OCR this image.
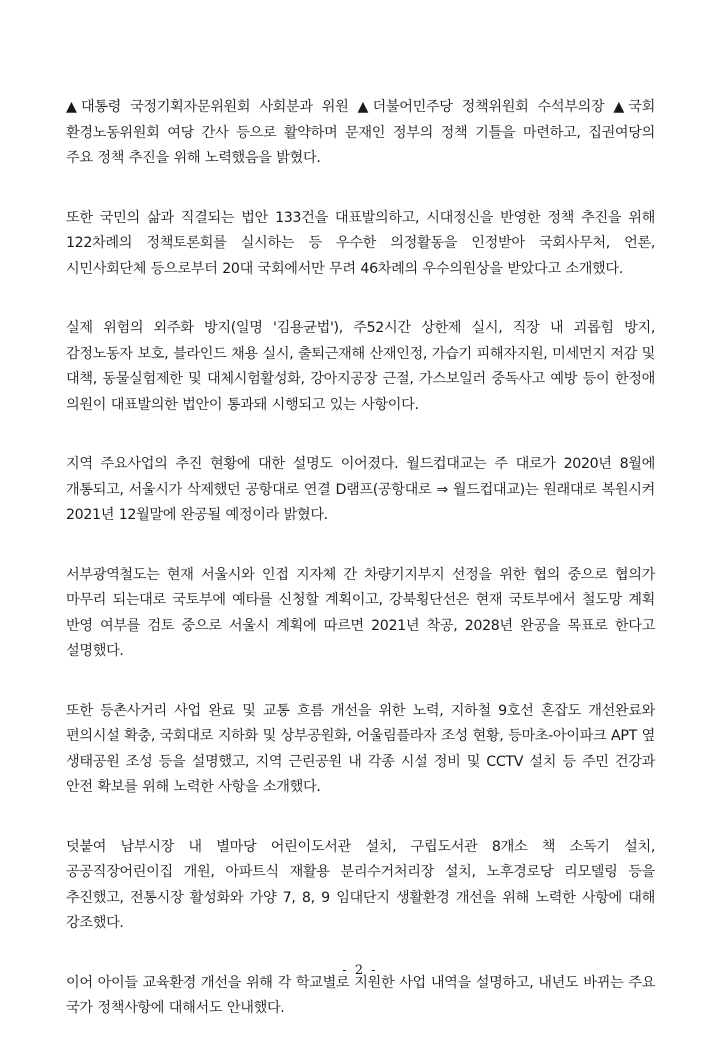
▲대통령 국정기획자문위원회 사회분과 위원 ▲더불어민주당 정책위원회 수석부의장 ▲국회 환경노동위원회 여당 간사 등으로 활약하며 문재인 정부의 정책 기틀을 마련하고, 집권여당의 주요 정책 추진을 위해 노력했음을 밝혔다.

또한 국민의 삶과 직결되는 법안 133건을 대표발의하고, 시대정신을 반영한 정책 추진을 위해 122차례의 정책토론회를 실시하는 등 우수한 의정활동을 인정받아 국회사무처, 언론, 시민사회단체 등으로부터 20대 국회에서만 무려 46차례의 우수의원상을 받았다고 소개했다.

실제 위험의 외주화 방지(일명 '김용균법'), 주52시간 상한제 실시, 직장 내 괴롭힘 방지, 감정노동자 보호, 블라인드 채용 실시, 출퇴근재해 산재인정, 가습기 피해자지원, 미세먼지 저감 및 대책, 동물실험제한 및 대체시험활성화, 강아지공장 근절, 가스보일러 중독사고 예방 등이 한정애 의원이 대표발의한 법안이 통과돼 시행되고 있는 사항이다.

지역 주요사업의 추진 현황에 대한 설명도 이어졌다. 월드컵대교는 주 대로가 2020년 8월에 개통되고, 서울시가 삭제했던 공항대로 연결 D램프(공항대로 ⇒ 월드컵대교)는 원래대로 복원시켜 2021년 12월말에 완공될 예정이라 밝혔다.

서부광역철도는 현재 서울시와 인접 지자체 간 차량기지부지 선정을 위한 협의 중으로 협의가 마무리 되는대로 국토부에 예타를 신청할 계획이고, 강북횡단선은 현재 국토부에서 철도망 계획 반영 여부를 검토 중으로 서울시 계획에 따르면 2021년 착공, 2028년 완공을 목표로 한다고 설명했다.

또한 등촌사거리 사업 완료 및 교통 흐름 개선을 위한 노력, 지하철 9호선 혼잡도 개선완료와 편의시설 확충, 국회대로 지하화 및 상부공원화, 어울림플라자 조성 현황, 등마초-아이파크 APT 옆 생태공원 조성 등을 설명했고, 지역 근린공원 내 각종 시설 정비 및 CCTV 설치 등 주민 건강과 안전 확보를 위해 노력한 사항을 소개했다.

덧붙여 남부시장 내 별마당 어린이도서관 설치, 구립도서관 8개소 책 소독기 설치, 공공직장어린이집 개원, 아파트식 재활용 분리수거처리장 설치, 노후경로당 리모델링 등을 추진했고, 전통시장 활성화와 가양 7, 8, 9 임대단지 생활환경 개선을 위해 노력한 사항에 대해 강조했다.

이어 아이들 교육환경 개선을 위해 각 학교별로 지원한 사업 내역을 설명하고, 내년도 바뀌는 주요 국가 정책사항에 대해서도 안내했다.

- 2 -
